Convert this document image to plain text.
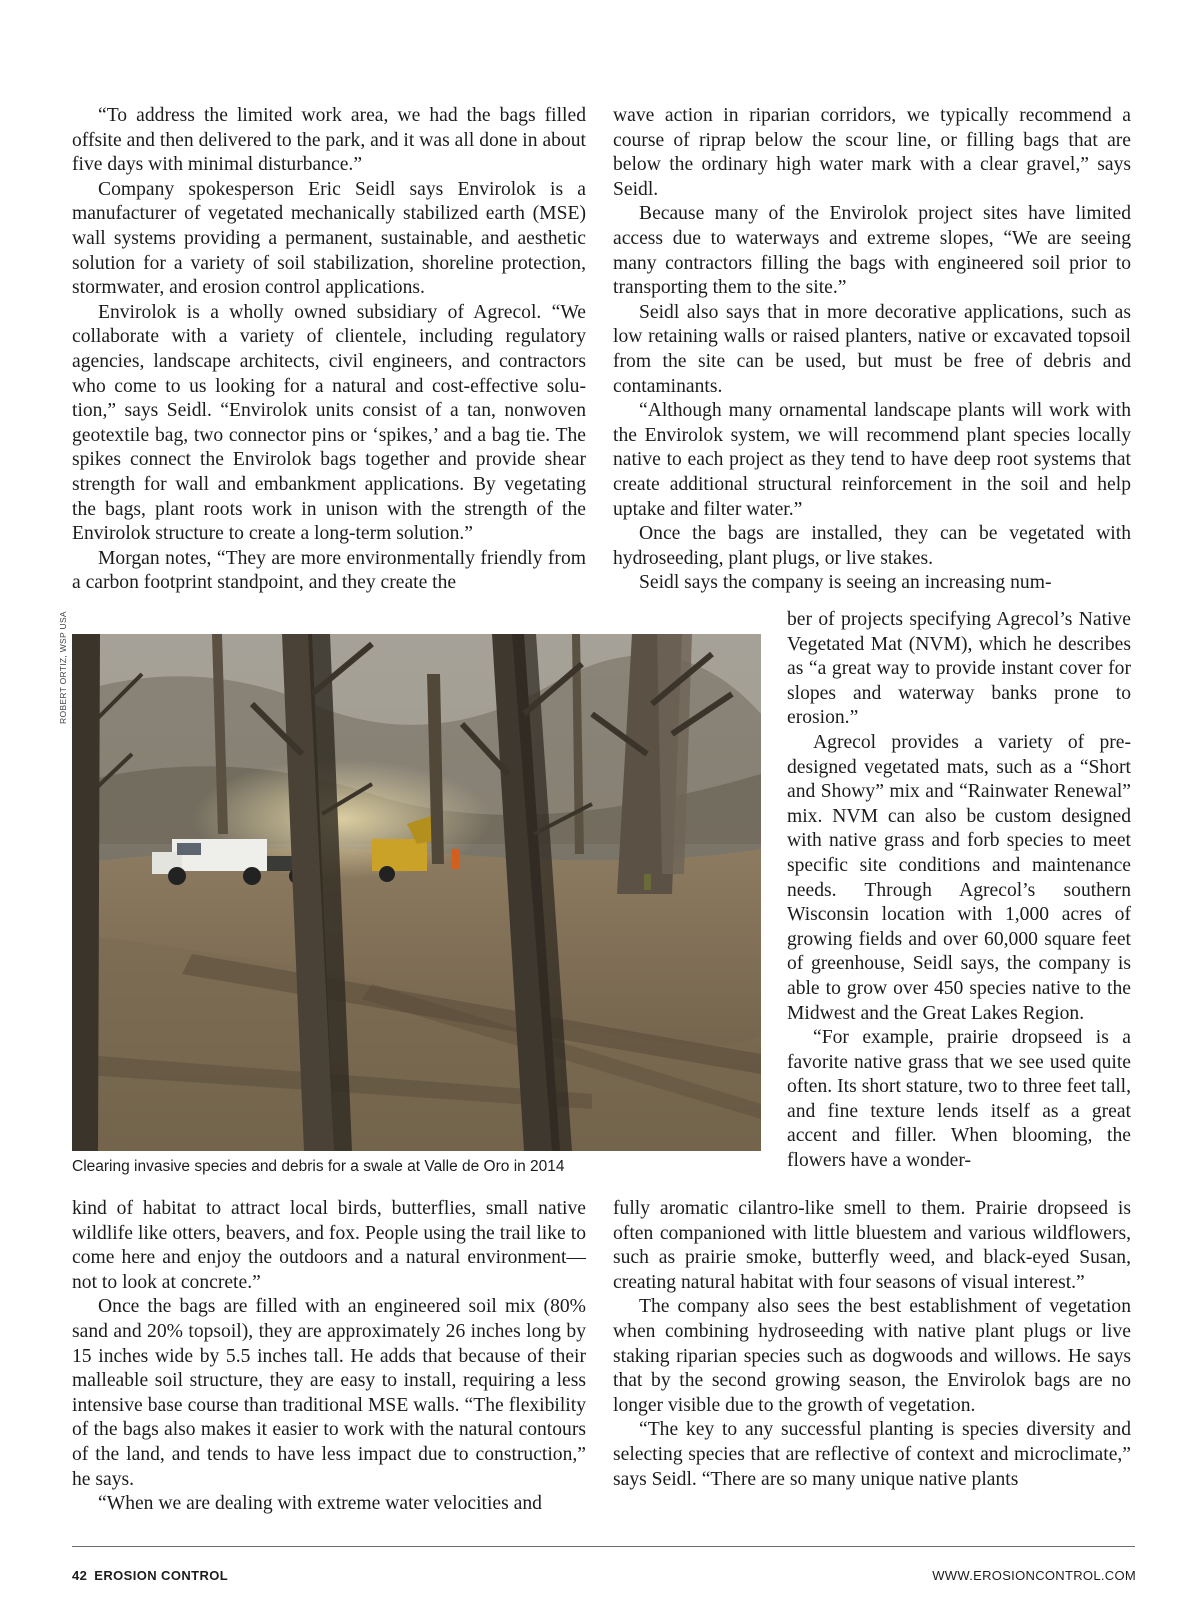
“To address the limited work area, we had the bags filled offsite and then delivered to the park, and it was all done in about five days with minimal disturbance.”

Company spokesperson Eric Seidl says Envirolok is a manufacturer of vegetated mechanically stabilized earth (MSE) wall systems providing a permanent, sustainable, and aesthetic solution for a variety of soil stabilization, shoreline protection, stormwater, and erosion control applications.

Envirolok is a wholly owned subsidiary of Agrecol. “We collaborate with a variety of clientele, including regulatory agencies, landscape architects, civil engineers, and contractors who come to us looking for a natural and cost-effective solution,” says Seidl. “Envirolok units consist of a tan, nonwoven geotextile bag, two connector pins or ‘spikes,’ and a bag tie. The spikes connect the Envirolok bags together and provide shear strength for wall and embankment applications. By vegetating the bags, plant roots work in unison with the strength of the Envirolok structure to create a long-term solution.”

Morgan notes, “They are more environmentally friendly from a carbon footprint standpoint, and they create the

ROBERT ORTIZ, WSP USA
Clearing invasive species and debris for a swale at Valle de Oro in 2014

kind of habitat to attract local birds, butterflies, small native wildlife like otters, beavers, and fox. People using the trail like to come here and enjoy the outdoors and a natural environment—not to look at concrete.”

Once the bags are filled with an engineered soil mix (80% sand and 20% topsoil), they are approximately 26 inches long by 15 inches wide by 5.5 inches tall. He adds that because of their malleable soil structure, they are easy to install, requiring a less intensive base course than traditional MSE walls. “The flexibility of the bags also makes it easier to work with the natural contours of the land, and tends to have less impact due to construction,” he says.

“When we are dealing with extreme water velocities and

wave action in riparian corridors, we typically recommend a course of riprap below the scour line, or filling bags that are below the ordinary high water mark with a clear gravel,” says Seidl.

Because many of the Envirolok project sites have limited access due to waterways and extreme slopes, “We are seeing many contractors filling the bags with engineered soil prior to transporting them to the site.”

Seidl also says that in more decorative applications, such as low retaining walls or raised planters, native or excavated topsoil from the site can be used, but must be free of debris and contaminants.

“Although many ornamental landscape plants will work with the Envirolok system, we will recommend plant species locally native to each project as they tend to have deep root systems that create additional structural reinforcement in the soil and help uptake and filter water.”

Once the bags are installed, they can be vegetated with hydroseeding, plant plugs, or live stakes.

Seidl says the company is seeing an increasing num-

ber of projects specifying Agrecol’s Native Vegetated Mat (NVM), which he describes as “a great way to provide instant cover for slopes and waterway banks prone to erosion.”

Agrecol provides a variety of predesigned vegetated mats, such as a “Short and Showy” mix and “Rainwater Renewal” mix. NVM can also be custom designed with native grass and forb species to meet specific site conditions and maintenance needs. Through Agrecol’s southern Wisconsin location with 1,000 acres of growing fields and over 60,000 square feet of greenhouse, Seidl says, the company is able to grow over 450 species native to the Midwest and the Great Lakes Region.

“For example, prairie dropseed is a favorite native grass that we see used quite often. Its short stature, two to three feet tall, and fine texture lends itself as a great accent and filler. When blooming, the flowers have a wonder-

fully aromatic cilantro-like smell to them. Prairie dropseed is often companioned with little bluestem and various wildflowers, such as prairie smoke, butterfly weed, and black-eyed Susan, creating natural habitat with four seasons of visual interest.”

The company also sees the best establishment of vegetation when combining hydroseeding with native plant plugs or live staking riparian species such as dogwoods and willows. He says that by the second growing season, the Envirolok bags are no longer visible due to the growth of vegetation.

“The key to any successful planting is species diversity and selecting species that are reflective of context and microclimate,” says Seidl. “There are so many unique native plants

42 EROSION CONTROL	WWW.EROSIONCONTROL.COM
